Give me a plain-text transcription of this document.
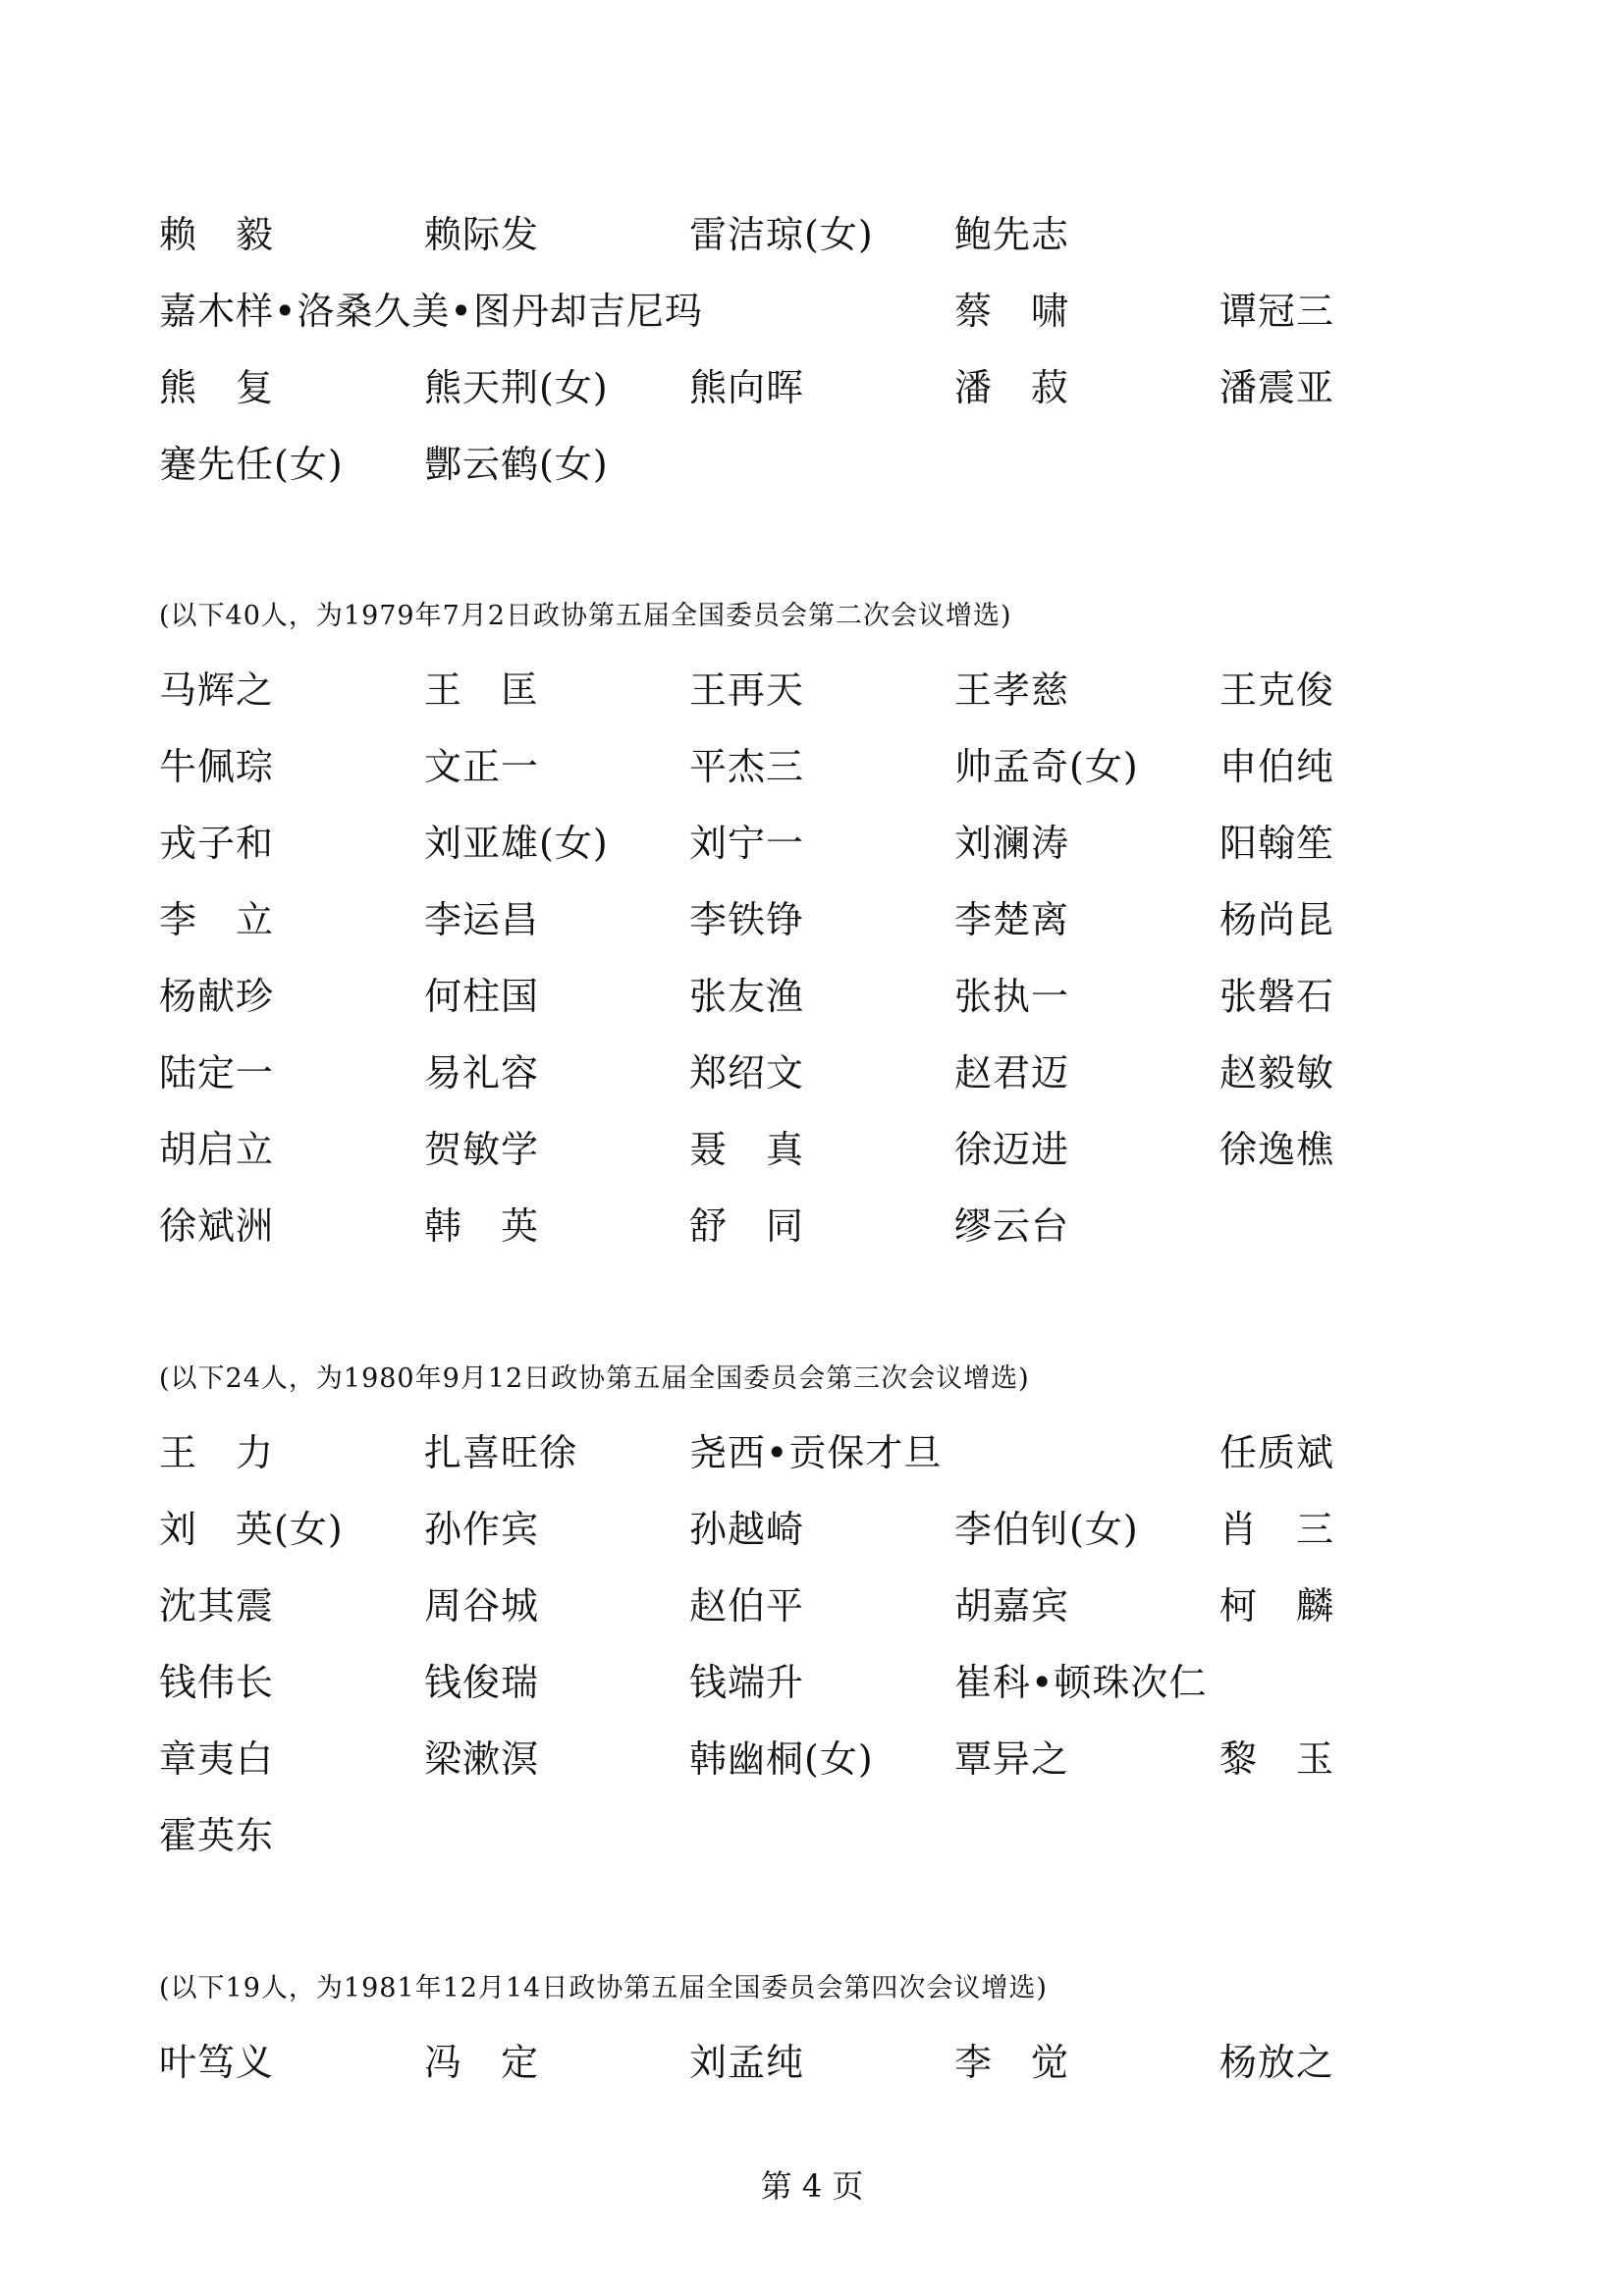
赖　毅	赖际发	雷洁琼(女) 鲍先志
嘉木样•洛桑久美•图丹却吉尼玛	蔡　啸	谭冠三
熊　复	熊天荆(女) 熊向晖	潘　菽	潘震亚
蹇先任(女) 酆云鹤(女)
(以下40人，为1979年7月2日政协第五届全国委员会第二次会议增选)
马辉之	王　匡	王再天	王孝慈	王克俊
牛佩琮	文正一	平杰三	帅孟奇(女) 申伯纯
戎子和	刘亚雄(女) 刘宁一	刘澜涛	阳翰笙
李　立	李运昌	李铁铮	李楚离	杨尚昆
杨献珍	何柱国	张友渔	张执一	张磐石
陆定一	易礼容	郑绍文	赵君迈	赵毅敏
胡启立	贺敏学	聂　真	徐迈进	徐逸樵
徐斌洲	韩　英	舒　同	缪云台
(以下24人，为1980年9月12日政协第五届全国委员会第三次会议增选)
王　力	扎喜旺徐	尧西•贡保才旦	任质斌
刘　英(女) 孙作宾	孙越崎	李伯钊(女) 肖　三
沈其震	周谷城	赵伯平	胡嘉宾	柯　麟
钱伟长	钱俊瑞	钱端升	崔科•顿珠次仁
章夷白	梁漱溟	韩幽桐(女) 覃异之	黎　玉
霍英东
(以下19人，为1981年12月14日政协第五届全国委员会第四次会议增选)
叶笃义	冯　定	刘孟纯	李　觉	杨放之
第 4 页
